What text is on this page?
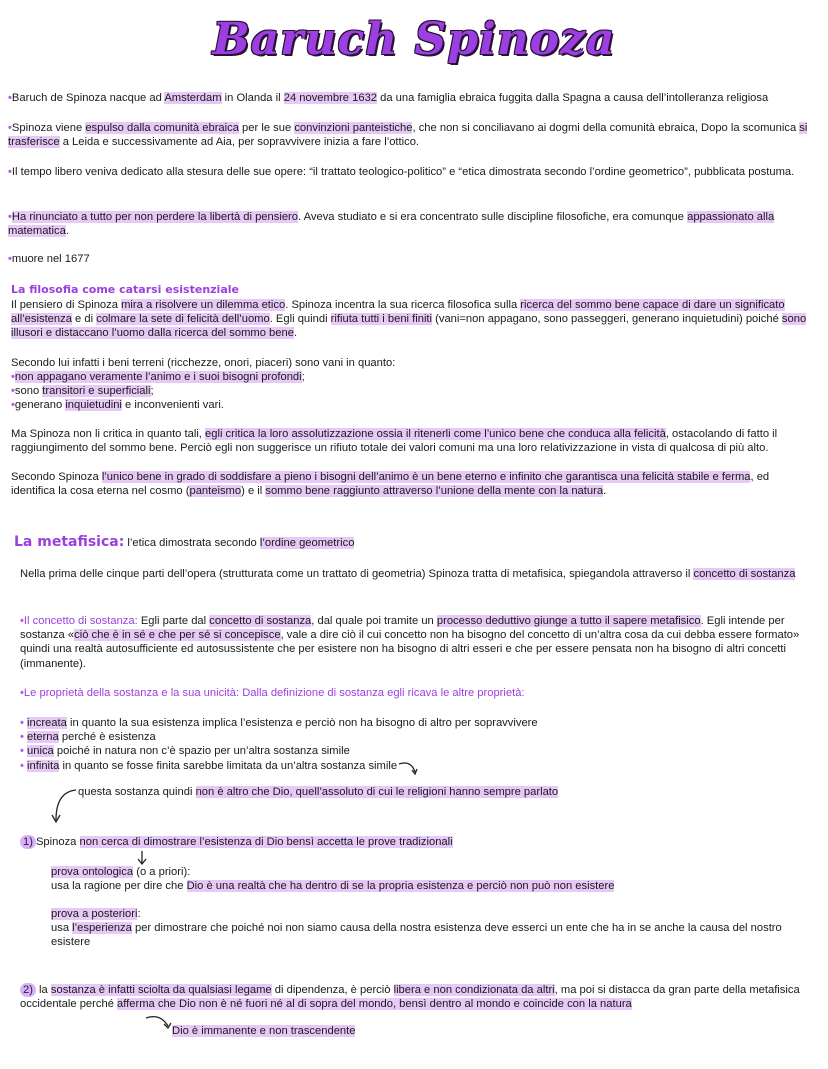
Baruch Spinoza
•Baruch de Spinoza nacque ad Amsterdam in Olanda il 24 novembre 1632 da una famiglia ebraica fuggita dalla Spagna a causa dell’intolleranza religiosa
•Spinoza viene espulso dalla comunità ebraica per le sue convinzioni panteistiche, che non si conciliavano ai dogmi della comunità ebraica, Dopo la scomunica si trasferisce a Leida e successivamente ad Aia, per sopravvivere inizia a fare l’ottico.
•Il tempo libero veniva dedicato alla stesura delle sue opere: “il trattato teologico-politico” e “etica dimostrata secondo l’ordine geometrico”, pubblicata postuma.
•Ha rinunciato a tutto per non perdere la libertà di pensiero. Aveva studiato e si era concentrato sulle discipline filosofiche, era comunque appassionato alla matematica.
•muore nel 1677
La filosofia come catarsi esistenziale
Il pensiero di Spinoza mira a risolvere un dilemma etico. Spinoza incentra la sua ricerca filosofica sulla ricerca del sommo bene capace di dare un significato all’esistenza e di colmare la sete di felicità dell’uomo. Egli quindi rifiuta tutti i beni finiti (vani=non appagano, sono passeggeri, generano inquietudini) poiché sono illusori e distaccano l’uomo dalla ricerca del sommo bene.
Secondo lui infatti i beni terreni (ricchezze, onori, piaceri) sono vani in quanto:
•non appagano veramente l’animo e i suoi bisogni profondi;
•sono transitori e superficiali;
•generano inquietudini e inconvenienti vari.
Ma Spinoza non li critica in quanto tali, egli critica la loro assolutizzazione ossia il ritenerli come l’unico bene che conduca alla felicità, ostacolando di fatto il raggiungimento del sommo bene. Perciò egli non suggerisce un rifiuto totale dei valori comuni ma una loro relativizzazione in vista di qualcosa di più alto.
Secondo Spinoza l’unico bene in grado di soddisfare a pieno i bisogni dell’animo è un bene eterno e infinito che garantisca una felicità stabile e ferma, ed identifica la cosa eterna nel cosmo (panteismo) e il sommo bene raggiunto attraverso l’unione della mente con la natura.
La metafisica: l’etica dimostrata secondo l’ordine geometrico
Nella prima delle cinque parti dell’opera (strutturata come un trattato di geometria) Spinoza tratta di metafisica, spiegandola attraverso il concetto di sostanza
•Il concetto di sostanza: Egli parte dal concetto di sostanza, dal quale poi tramite un processo deduttivo giunge a tutto il sapere metafisico. Egli intende per sostanza «ciò che è in sé e che per sé si concepisce, vale a dire ciò il cui concetto non ha bisogno del concetto di un’altra cosa da cui debba essere formato» quindi una realtà autosufficiente ed autosussistente che per esistere non ha bisogno di altri esseri e che per essere pensata non ha bisogno di altri concetti (immanente).
•Le proprietà della sostanza e la sua unicità: Dalla definizione di sostanza egli ricava le altre proprietà:
• increata in quanto la sua esistenza implica l’esistenza e perciò non ha bisogno di altro per sopravvivere
• eterna perché è esistenza
• unica poiché in natura non c’è spazio per un’altra sostanza simile
• infinita in quanto se fosse finita sarebbe limitata da un’altra sostanza simile
questa sostanza quindi non è altro che Dio, quell’assoluto di cui le religioni hanno sempre parlato
1) Spinoza non cerca di dimostrare l’esistenza di Dio bensì accetta le prove tradizionali
prova ontologica (o a priori):
usa la ragione per dire che Dio è una realtà che ha dentro di se la propria esistenza e perciò non può non esistere
prova a posteriori:
usa l’esperienza per dimostrare che poiché noi non siamo causa della nostra esistenza deve esserci un ente che ha in se anche la causa del nostro esistere
2) la sostanza è infatti sciolta da qualsiasi legame di dipendenza, è perciò libera e non condizionata da altri, ma poi si distacca da gran parte della metafisica occidentale perché afferma che Dio non è né fuori né al di sopra del mondo, bensì dentro al mondo e coincide con la natura
Dio è immanente e non trascendente
